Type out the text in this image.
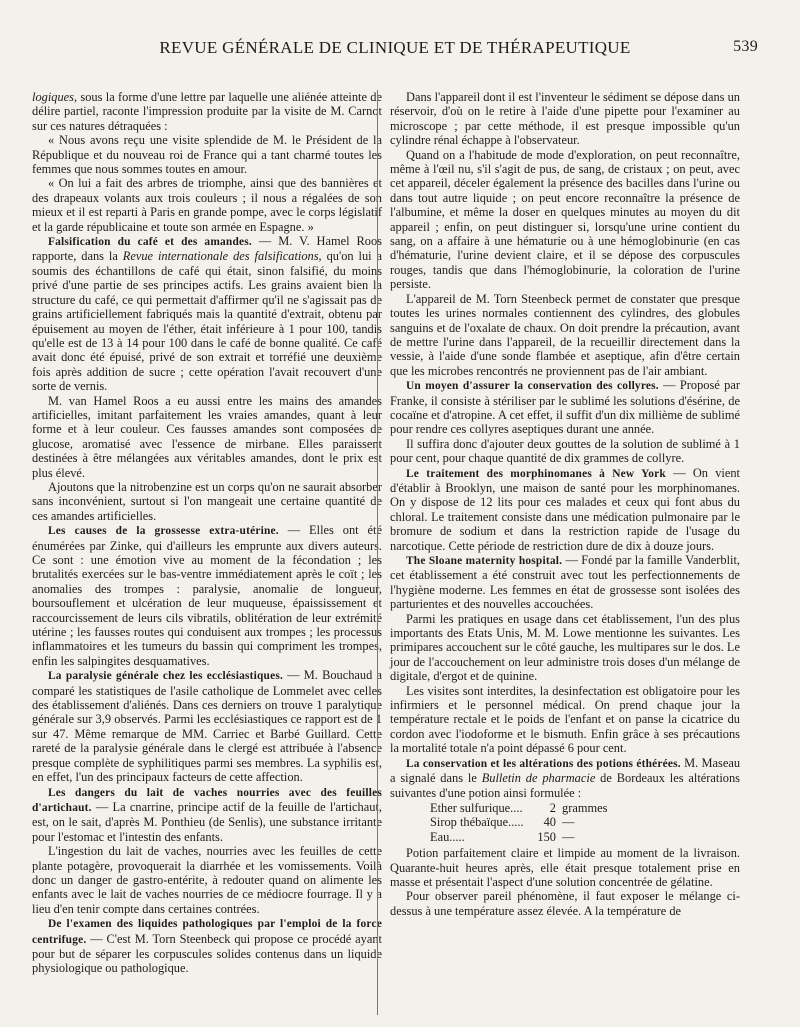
REVUE GÉNÉRALE DE CLINIQUE ET DE THÉRAPEUTIQUE	539

logiques, sous la forme d'une lettre par laquelle une aliénée atteinte de délire partiel, raconte l'impression produite par la visite de M. Carnot sur ces natures détraquées :

« Nous avons reçu une visite splendide de M. le Président de la République et du nouveau roi de France qui a tant charmé toutes les femmes que nous sommes toutes en amour.

« On lui a fait des arbres de triomphe, ainsi que des bannières et des drapeaux volants aux trois couleurs ; il nous a régalées de son mieux et il est reparti à Paris en grande pompe, avec le corps législatif et la garde républicaine et toute son armée en Espagne. »

Falsification du café et des amandes. — M. V. Hamel Roos rapporte, dans la Revue internationale des falsifications, qu'on lui a soumis des échantillons de café qui était, sinon falsifié, du moins privé d'une partie de ses principes actifs. Les grains avaient bien la structure du café, ce qui permettait d'affirmer qu'il ne s'agissait pas de grains artificiellement fabriqués mais la quantité d'extrait, obtenu par épuisement au moyen de l'éther, était inférieure à 1 pour 100, tandis qu'elle est de 13 à 14 pour 100 dans le café de bonne qualité. Ce café avait donc été épuisé, privé de son extrait et torréfié une deuxième fois après addition de sucre ; cette opération l'avait recouvert d'une sorte de vernis.

M. van Hamel Roos a eu aussi entre les mains des amandes artificielles, imitant parfaitement les vraies amandes, quant à leur forme et à leur couleur. Ces fausses amandes sont composées de glucose, aromatisé avec l'essence de mirbane. Elles paraissent destinées à être mélangées aux véritables amandes, dont le prix est plus élevé.

Ajoutons que la nitrobenzine est un corps qu'on ne saurait absorber sans inconvénient, surtout si l'on mangeait une certaine quantité de ces amandes artificielles.

Les causes de la grossesse extra-utérine. — Elles ont été énumérées par Zinke, qui d'ailleurs les emprunte aux divers auteurs. Ce sont : une émotion vive au moment de la fécondation ; les brutalités exercées sur le bas-ventre immédiatement après le coït ; les anomalies des trompes : paralysie, anomalie de longueur, boursouflement et ulcération de leur muqueuse, épaississement et raccourcissement de leurs cils vibratils, oblitération de leur extrémité utérine ; les fausses routes qui conduisent aux trompes ; les processus inflammatoires et les tumeurs du bassin qui compriment les trompes, enfin les salpingites desquamatives.

La paralysie générale chez les ecclésiastiques. — M. Bouchaud a comparé les statistiques de l'asile catholique de Lommelet avec celles des établissement d'aliénés. Dans ces derniers on trouve 1 paralytique générale sur 3,9 observés. Parmi les ecclésiastiques ce rapport est de 1 sur 47. Même remarque de MM. Carriec et Barbé Guillard. Cette rareté de la paralysie générale dans le clergé est attribuée à l'absence presque complète de syphilitiques parmi ses membres. La syphilis est, en effet, l'un des principaux facteurs de cette affection.

Les dangers du lait de vaches nourries avec des feuilles d'artichaut. — La cnarrine, principe actif de la feuille de l'artichaut, est, on le sait, d'après M. Ponthieu (de Senlis), une substance irritante pour l'estomac et l'intestin des enfants.

L'ingestion du lait de vaches, nourries avec les feuilles de cette plante potagère, provoquerait la diarrhée et les vomissements. Voilà donc un danger de gastro-entérite, à redouter quand on alimente les enfants avec le lait de vaches nourries de ce médiocre fourrage. Il y a lieu d'en tenir compte dans certaines contrées.

De l'examen des liquides pathologiques par l'emploi de la force centrifuge. — C'est M. Torn Steenbeck qui propose ce procédé ayant pour but de séparer les corpuscules solides contenus dans un liquide physiologique ou pathologique.

Dans l'appareil dont il est l'inventeur le sédiment se dépose dans un réservoir, d'où on le retire à l'aide d'une pipette pour l'examiner au microscope ; par cette méthode, il est presque impossible qu'un cylindre rénal échappe à l'observateur.

Quand on a l'habitude de mode d'exploration, on peut reconnaître, même à l'œil nu, s'il s'agit de pus, de sang, de cristaux ; on peut, avec cet appareil, déceler également la présence des bacilles dans l'urine ou dans tout autre liquide ; on peut encore reconnaître la présence de l'albumine, et même la doser en quelques minutes au moyen du dit appareil ; enfin, on peut distinguer si, lorsqu'une urine contient du sang, on a affaire à une hématurie ou à une hémoglobinurie (en cas d'hématurie, l'urine devient claire, et il se dépose des corpuscules rouges, tandis que dans l'hémoglobinurie, la coloration de l'urine persiste.

L'appareil de M. Torn Steenbeck permet de constater que presque toutes les urines normales contiennent des cylindres, des globules sanguins et de l'oxalate de chaux. On doit prendre la précaution, avant de mettre l'urine dans l'appareil, de la recueillir directement dans la vessie, à l'aide d'une sonde flambée et aseptique, afin d'être certain que les microbes rencontrés ne proviennent pas de l'air ambiant.

Un moyen d'assurer la conservation des collyres. — Proposé par Franke, il consiste à stériliser par le sublimé les solutions d'ésérine, de cocaïne et d'atropine. A cet effet, il suffit d'un dix millième de sublimé pour rendre ces collyres aseptiques durant une année.

Il suffira donc d'ajouter deux gouttes de la solution de sublimé à 1 pour cent, pour chaque quantité de dix grammes de collyre.

Le traitement des morphinomanes à New York — On vient d'établir à Brooklyn, une maison de santé pour les morphinomanes. On y dispose de 12 lits pour ces malades et ceux qui font abus du chloral. Le traitement consiste dans une médication pulmonaire par le bromure de sodium et dans la restriction rapide de l'usage du narcotique. Cette période de restriction dure de dix à douze jours.

The Sloane maternity hospital. — Fondé par la famille Vanderblit, cet établissement a été construit avec tout les perfectionnements de l'hygiène moderne. Les femmes en état de grossesse sont isolées des parturientes et des nouvelles accouchées.

Parmi les pratiques en usage dans cet établissement, l'un des plus importants des Etats Unis, M. M. Lowe mentionne les suivantes. Les primipares accouchent sur le côté gauche, les multipares sur le dos. Le jour de l'accouchement on leur administre trois doses d'un mélange de digitale, d'ergot et de quinine.

Les visites sont interdites, la desinfectation est obligatoire pour les infirmiers et le personnel médical. On prend chaque jour la température rectale et le poids de l'enfant et on panse la cicatrice du cordon avec l'iodoforme et le bismuth. Enfin grâce à ses précautions la mortalité totale n'a point dépassé 6 pour cent.

La conservation et les altérations des potions éthérées. M. Maseau a signalé dans le Bulletin de pharmacie de Bordeaux les altérations suivantes d'une potion ainsi formulée :

Ether sulfurique....	2 grammes
Sirop thébaïque.....	40 —
Eau.....	150 —

Potion parfaitement claire et limpide au moment de la livraison. Quarante-huit heures après, elle était presque totalement prise en masse et présentait l'aspect d'une solution concentrée de gélatine.

Pour observer pareil phénomène, il faut exposer le mélange ci-dessus à une température assez élevée. A la température de
